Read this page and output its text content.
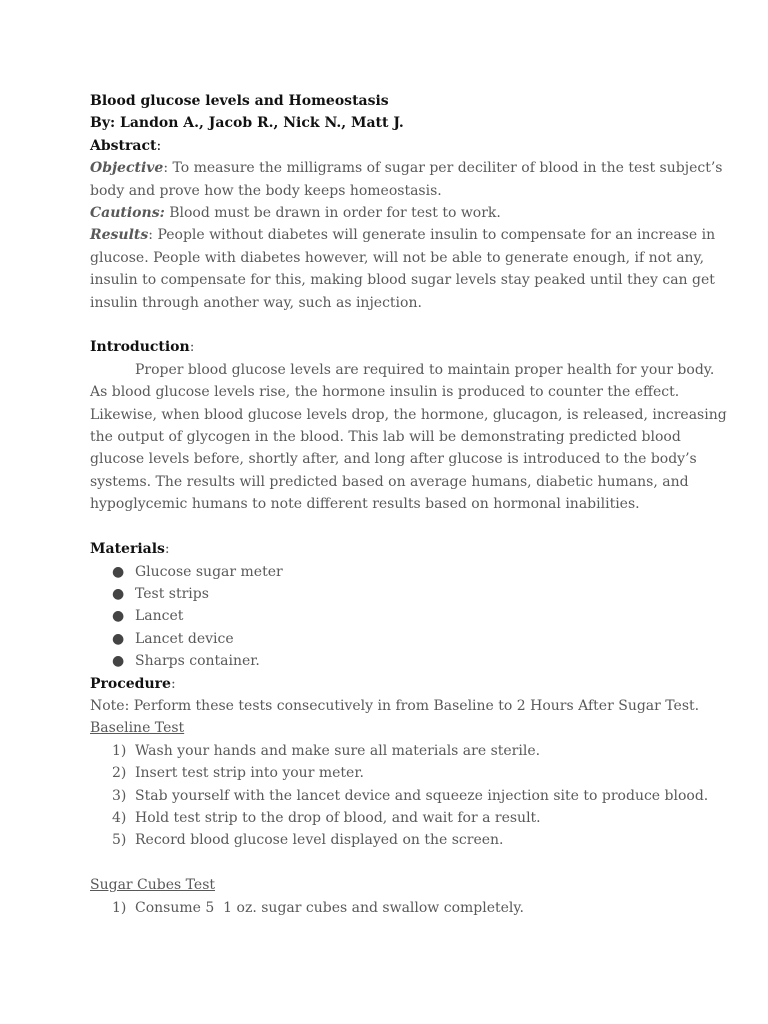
Blood glucose levels and Homeostasis
By: Landon A., Jacob R., Nick N., Matt J.
Abstract:
Objective: To measure the milligrams of sugar per deciliter of blood in the test subject’s
body and prove how the body keeps homeostasis.
Cautions: Blood must be drawn in order for test to work.
Results: People without diabetes will generate insulin to compensate for an increase in
glucose. People with diabetes however, will not be able to generate enough, if not any,
insulin to compensate for this, making blood sugar levels stay peaked until they can get
insulin through another way, such as injection.
Introduction:
Proper blood glucose levels are required to maintain proper health for your body.
As blood glucose levels rise, the hormone insulin is produced to counter the effect.
Likewise, when blood glucose levels drop, the hormone, glucagon, is released, increasing
the output of glycogen in the blood. This lab will be demonstrating predicted blood
glucose levels before, shortly after, and long after glucose is introduced to the body’s
systems. The results will predicted based on average humans, diabetic humans, and
hypoglycemic humans to note different results based on hormonal inabilities.
Materials:
● Glucose sugar meter
● Test strips
● Lancet
● Lancet device
● Sharps container.
Procedure:
Note: Perform these tests consecutively in from Baseline to 2 Hours After Sugar Test.
Baseline Test
1) Wash your hands and make sure all materials are sterile.
2) Insert test strip into your meter.
3) Stab yourself with the lancet device and squeeze injection site to produce blood.
4) Hold test strip to the drop of blood, and wait for a result.
5) Record blood glucose level displayed on the screen.
Sugar Cubes Test
1) Consume 5  1 oz. sugar cubes and swallow completely.
